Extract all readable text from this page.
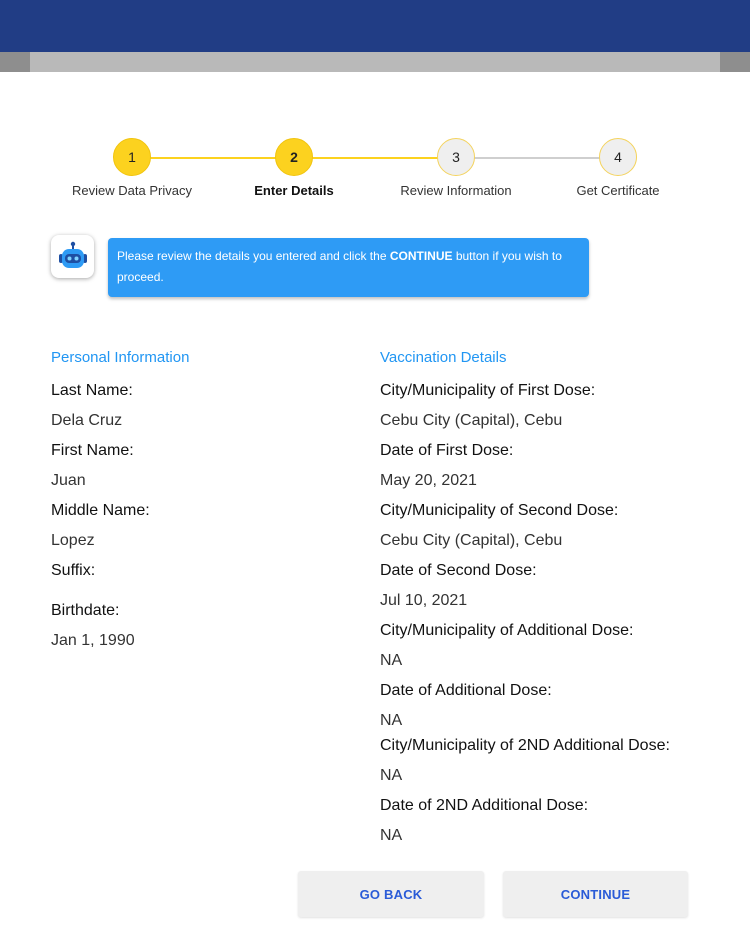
1
Review Data Privacy
2
Enter Details
3
Review Information
4
Get Certificate
Please review the details you entered and click the CONTINUE button if you wish to proceed.
Personal Information
Last Name:
Dela Cruz
First Name:
Juan
Middle Name:
Lopez
Suffix:
Birthdate:
Jan 1, 1990
Vaccination Details
City/Municipality of First Dose:
Cebu City (Capital), Cebu
Date of First Dose:
May 20, 2021
City/Municipality of Second Dose:
Cebu City (Capital), Cebu
Date of Second Dose:
Jul 10, 2021
City/Municipality of Additional Dose:
NA
Date of Additional Dose:
NA
City/Municipality of 2ND Additional Dose:
NA
Date of 2ND Additional Dose:
NA
GO BACK	CONTINUE
